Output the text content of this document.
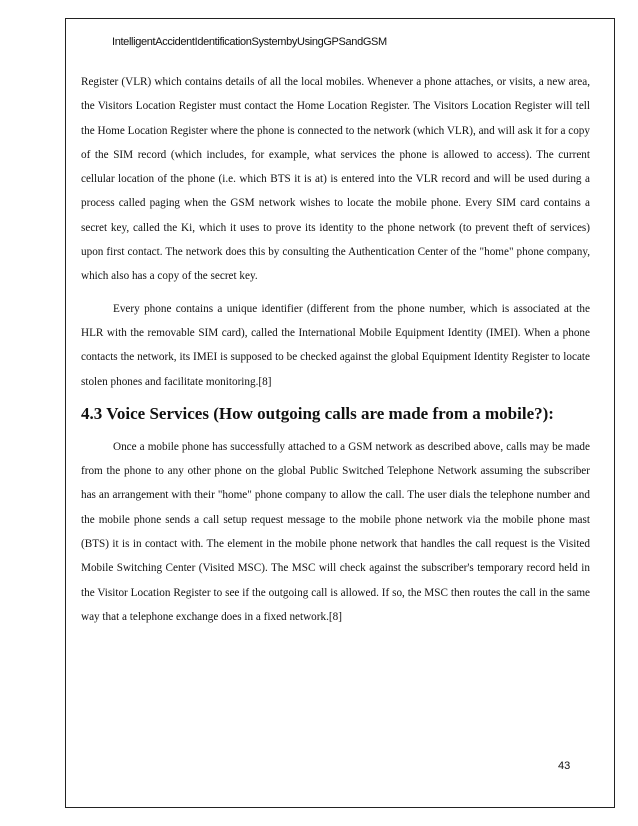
IntelligentAccidentIdentificationSystembyUsingGPSandGSM

Register (VLR) which contains details of all the local mobiles. Whenever a phone attaches, or visits, a new area, the Visitors Location Register must contact the Home Location Register. The Visitors Location Register will tell the Home Location Register where the phone is connected to the network (which VLR), and will ask it for a copy of the SIM record (which includes, for example, what services the phone is allowed to access). The current cellular location of the phone (i.e. which BTS it is at) is entered into the VLR record and will be used during a process called paging when the GSM network wishes to locate the mobile phone. Every SIM card contains a secret key, called the Ki, which it uses to prove its identity to the phone network (to prevent theft of services) upon first contact. The network does this by consulting the Authentication Center of the "home" phone company, which also has a copy of the secret key.

Every phone contains a unique identifier (different from the phone number, which is associated at the HLR with the removable SIM card), called the International Mobile Equipment Identity (IMEI). When a phone contacts the network, its IMEI is supposed to be checked against the global Equipment Identity Register to locate stolen phones and facilitate monitoring.[8]

4.3 Voice Services (How outgoing calls are made from a mobile?):

Once a mobile phone has successfully attached to a GSM network as described above, calls may be made from the phone to any other phone on the global Public Switched Telephone Network assuming the subscriber has an arrangement with their "home" phone company to allow the call. The user dials the telephone number and the mobile phone sends a call setup request message to the mobile phone network via the mobile phone mast (BTS) it is in contact with. The element in the mobile phone network that handles the call request is the Visited Mobile Switching Center (Visited MSC). The MSC will check against the subscriber's temporary record held in the Visitor Location Register to see if the outgoing call is allowed. If so, the MSC then routes the call in the same way that a telephone exchange does in a fixed network.[8]

43
